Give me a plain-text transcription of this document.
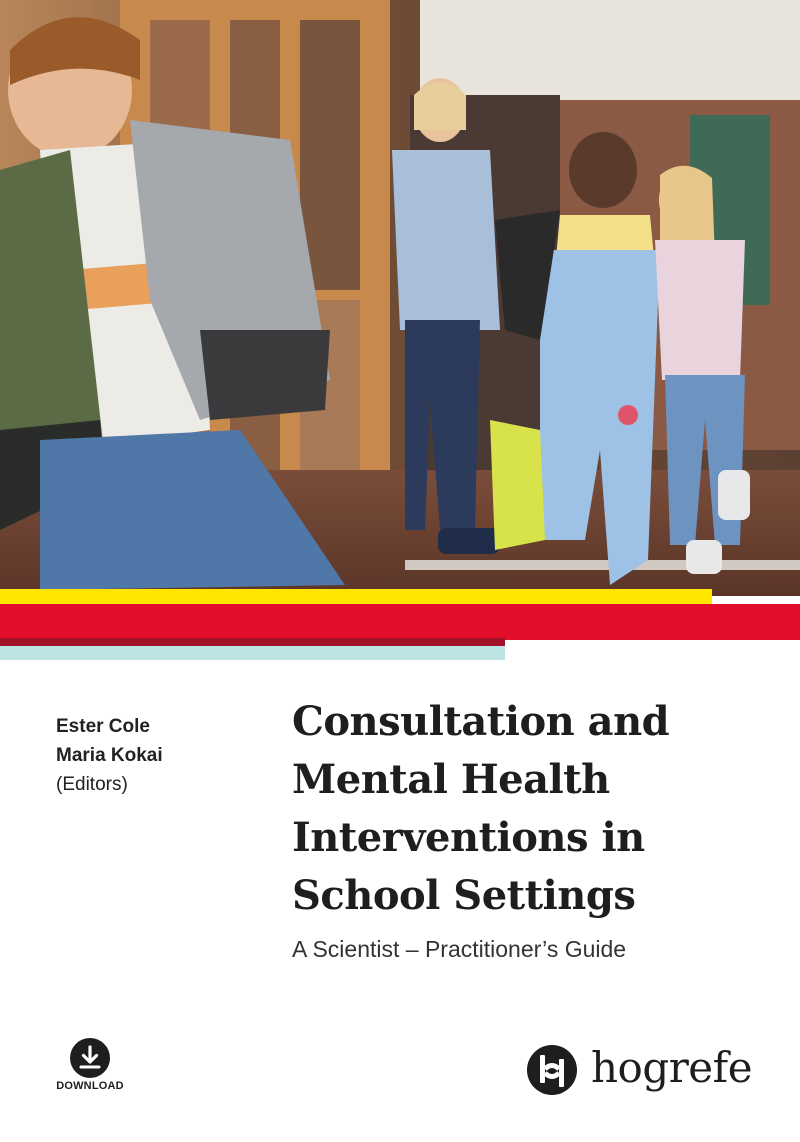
Ester Cole
Maria Kokai
(Editors)
Consultation and
Mental Health
Interventions in
School Settings
A Scientist – Practitioner’s Guide
DOWNLOAD	hogrefe
